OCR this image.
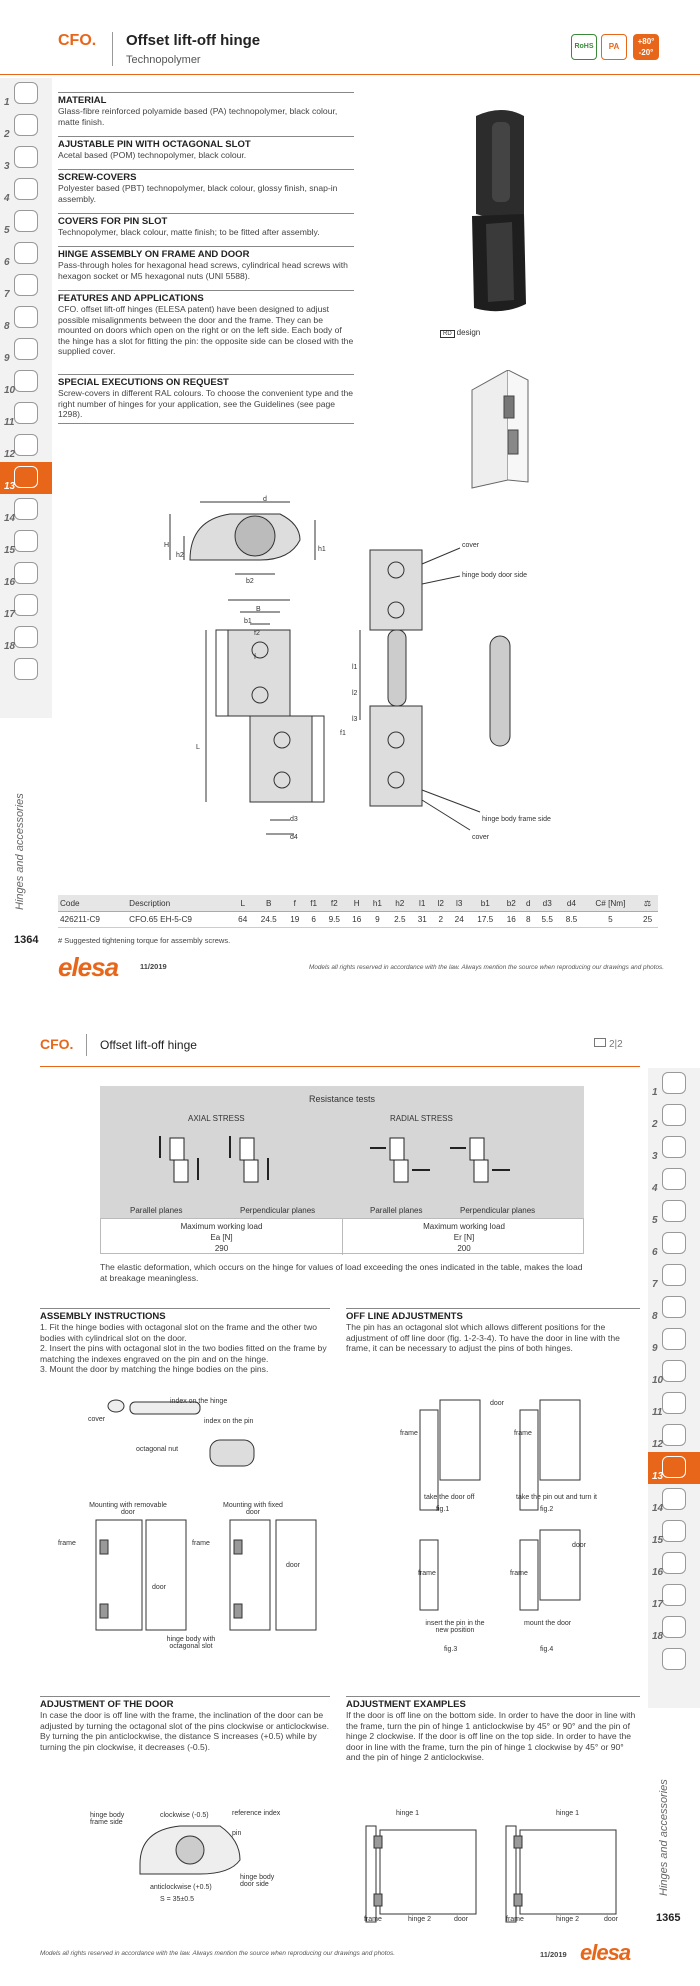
CFO. Offset lift-off hinge
Technopolymer
RoHS	PA
+80°
-20°
1
2
3
4
5
6
7
8
9
10
11
12
13
14
15
16
17
18
Hinges and accessories
1364
MATERIAL

Glass-fibre reinforced polyamide based (PA) technopolymer, black colour, matte finish.

AJUSTABLE PIN WITH OCTAGONAL SLOT

Acetal based (POM) technopolymer, black colour.

SCREW-COVERS

Polyester based (PBT) technopolymer, black colour, glossy finish, snap-in assembly.

COVERS FOR PIN SLOT

Technopolymer, black colour, matte finish; to be fitted after assembly.

HINGE ASSEMBLY ON FRAME AND DOOR

Pass-through holes for hexagonal head screws, cylindrical head screws with hexagon socket or M5 hexagonal nuts (UNI 5588).

FEATURES AND APPLICATIONS

CFO. offset lift-off hinges (ELESA patent) have been designed to adjust possible misalignments between the door and the frame. They can be mounted on doors which open on the right or on the left side. Each body of the hinge has a slot for fitting the pin: the opposite side can be closed with the supplied cover.

SPECIAL EXECUTIONS ON REQUEST

Screw-covers in different RAL colours. To choose the convenient type and the right number of hinges for your application, see the Guidelines (see page 1298).

RD design
d
H
h2
h1
b2
B
b1
f2
f
L
f1
d3
d4
l1
l2
l3
cover
hinge body door side
hinge body frame side
cover
Code	Description	L	B	f	f1	f2	H	h1	h2	l1	l2	l3	b1	b2	d	d3	d4	C# [Nm]	⚖
426211-C9	CFO.65 EH-5-C9	64	24.5	19	6	9.5	16	9	2.5	31	2	24	17.5	16	8	5.5	8.5	5	25
# Suggested tightening torque for assembly screws.
elesa	11/2019	Models all rights reserved in accordance with the law. Always mention the source when reproducing our drawings and photos.
CFO. Offset lift-off hinge	2|2
1
2
3
4
5
6
7
8
9
10
11
12
13
14
15
16
17
18
Hinges and accessories
1365
Resistance tests
AXIAL STRESS	RADIAL STRESS
Parallel planes	Perpendicular planes	Parallel planes	Perpendicular planes
Maximum working load
Ea [N]
290
Maximum working load
Er [N]
200
The elastic deformation, which occurs on the hinge for values of load exceeding the ones indicated in the table, makes the load at breakage meaningless.
ASSEMBLY INSTRUCTIONS
1. Fit the hinge bodies with octagonal slot on the frame and the other two bodies with cylindrical slot on the door.
2. Insert the pins with octagonal slot in the two bodies fitted on the frame by matching the indexes engraved on the pin and on the hinge.
3. Mount the door by matching the hinge bodies on the pins.
index on the hinge
cover	index on the pin
octagonal nut
Mounting with removable door
Mounting with fixed door
frame	frame
door
door
hinge body with octagonal slot
OFF LINE ADJUSTMENTS
The pin has an octagonal slot which allows different positions for the adjustment of off line door (fig. 1-2-3-4). To have the door in line with the frame, it can be necessary to adjust the pins of both hinges.
door
frame	frame
take the door off
fig.1
take the pin out and turn it
fig.2
frame	frame
door
insert the pin in the new position
fig.3
mount the door
fig.4
ADJUSTMENT OF THE DOOR
In case the door is off line with the frame, the inclination of the door can be adjusted by turning the octagonal slot of the pins clockwise or anticlockwise. By turning the pin anticlockwise, the distance S increases (+0.5) while by turning the pin clockwise, it decreases (-0.5).
hinge body frame side
clockwise (-0.5)	reference index
pin
anticlockwise (+0.5)
S = 35±0.5
hinge body door side
ADJUSTMENT EXAMPLES
If the door is off line on the bottom side. In order to have the door in line with the frame, turn the pin of hinge 1 anticlockwise by 45° or 90° and the pin of hinge 2 clockwise. If the door is off line on the top side. In order to have the door in line with the frame, turn the pin of hinge 1 clockwise by 45° or 90° and the pin of hinge 2 anticlockwise.
hinge 1	hinge 1
frame	hinge 2	door	frame	hinge 2	door
Models all rights reserved in accordance with the law. Always mention the source when reproducing our drawings and photos.	11/2019 elesa
